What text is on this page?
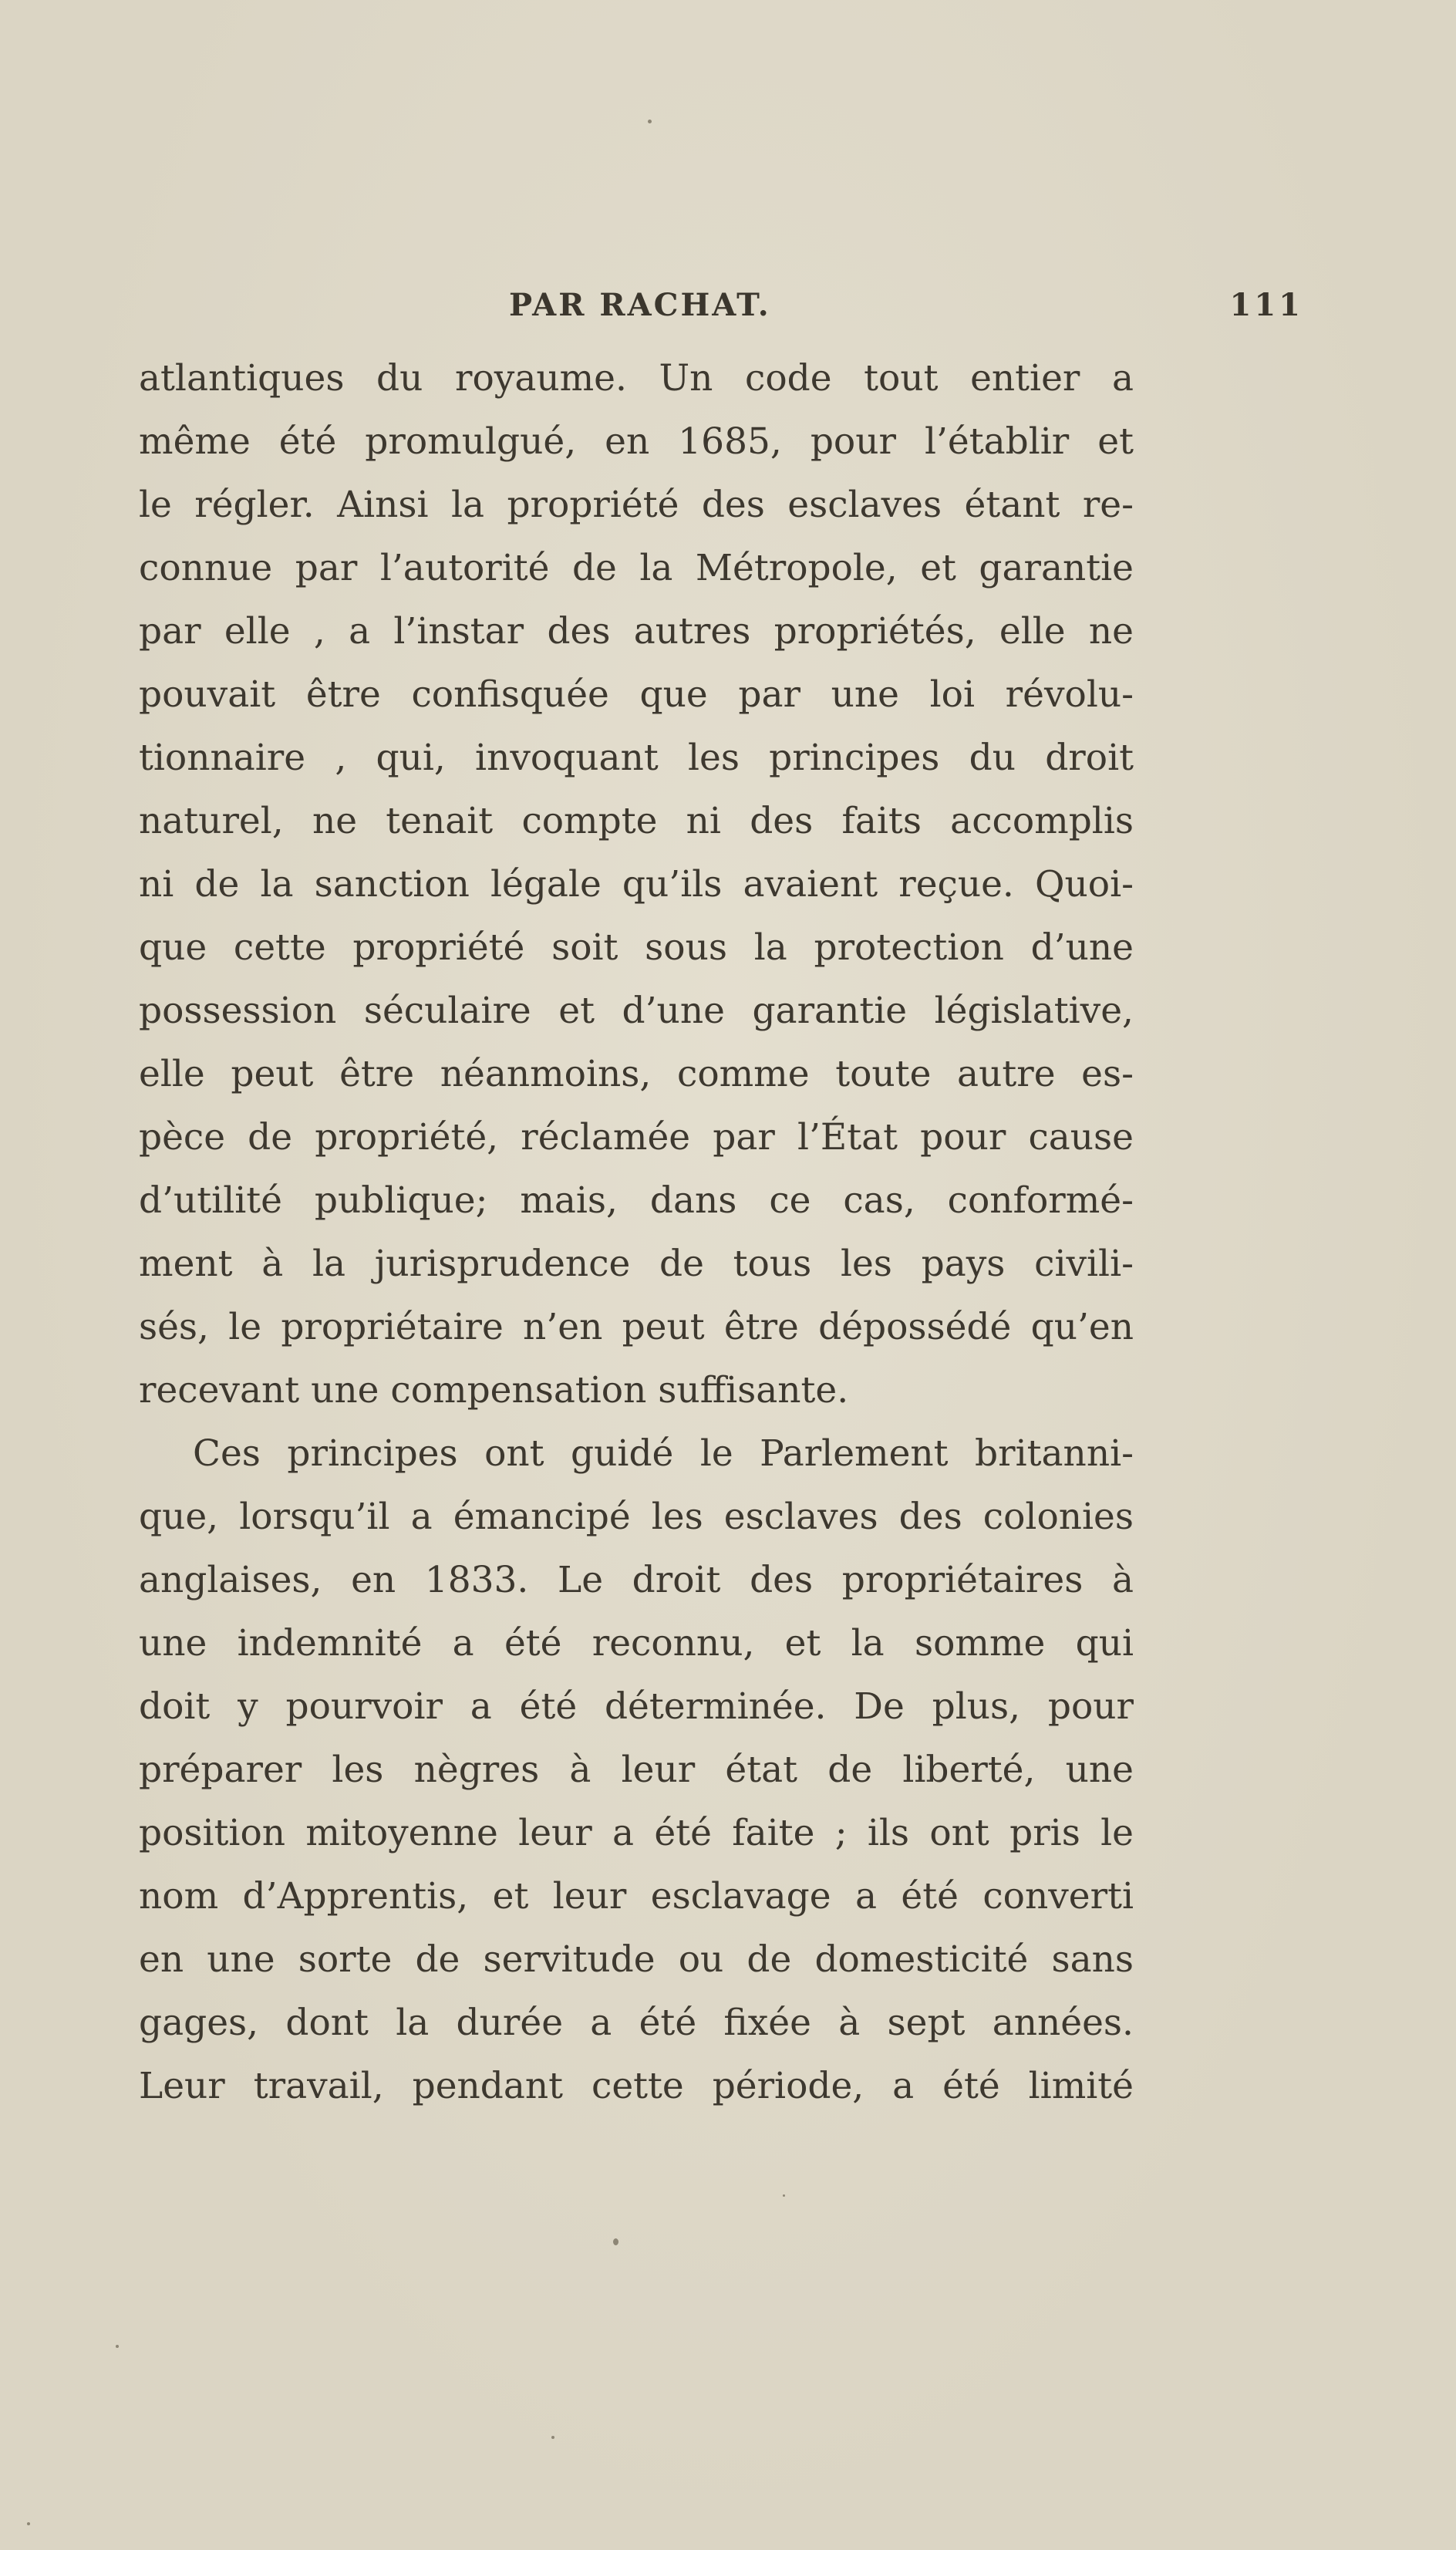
PAR RACHAT.	111
atlantiques du royaume. Un code tout entier a
même été promulgué, en 1685, pour l’établir et
le régler. Ainsi la propriété des esclaves étant re-
connue par l’autorité de la Métropole, et garantie
par elle , a l’instar des autres propriétés, elle ne
pouvait être confisquée que par une loi révolu-
tionnaire , qui, invoquant les principes du droit
naturel, ne tenait compte ni des faits accomplis
ni de la sanction légale qu’ils avaient reçue. Quoi-
que cette propriété soit sous la protection d’une
possession séculaire et d’une garantie législative,
elle peut être néanmoins, comme toute autre es-
pèce de propriété, réclamée par l’État pour cause
d’utilité publique; mais, dans ce cas, conformé-
ment à la jurisprudence de tous les pays civili-
sés, le propriétaire n’en peut être dépossédé qu’en
recevant une compensation suffisante.
Ces principes ont guidé le Parlement britanni-
que, lorsqu’il a émancipé les esclaves des colonies
anglaises, en 1833. Le droit des propriétaires à
une indemnité a été reconnu, et la somme qui
doit y pourvoir a été déterminée. De plus, pour
préparer les nègres à leur état de liberté, une
position mitoyenne leur a été faite ; ils ont pris le
nom d’Apprentis, et leur esclavage a été converti
en une sorte de servitude ou de domesticité sans
gages, dont la durée a été fixée à sept années.
Leur travail, pendant cette période, a été limité
